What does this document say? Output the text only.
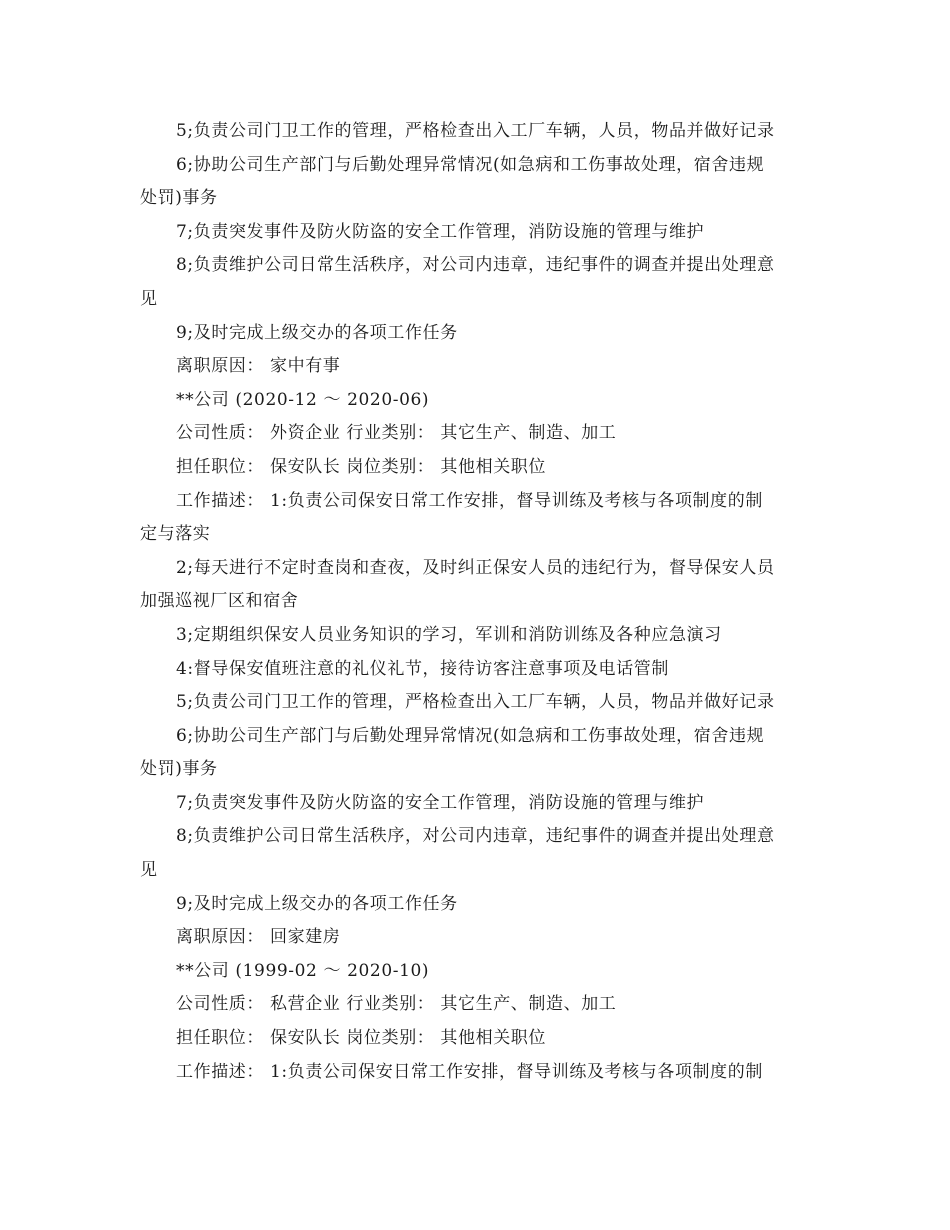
5;负责公司门卫工作的管理，严格检查出入工厂车辆，人员，物品并做好记录
6;协助公司生产部门与后勤处理异常情况(如急病和工伤事故处理，宿舍违规
处罚)事务
7;负责突发事件及防火防盗的安全工作管理，消防设施的管理与维护
8;负责维护公司日常生活秩序，对公司内违章，违纪事件的调查并提出处理意
见
9;及时完成上级交办的各项工作任务
离职原因： 家中有事
**公司 (2020-12 ～ 2020-06)
公司性质： 外资企业 行业类别： 其它生产、制造、加工
担任职位： 保安队长 岗位类别： 其他相关职位
工作描述： 1:负责公司保安日常工作安排，督导训练及考核与各项制度的制
定与落实
2;每天进行不定时查岗和查夜，及时纠正保安人员的违纪行为，督导保安人员
加强巡视厂区和宿舍
3;定期组织保安人员业务知识的学习，军训和消防训练及各种应急演习
4:督导保安值班注意的礼仪礼节，接待访客注意事项及电话管制
5;负责公司门卫工作的管理，严格检查出入工厂车辆，人员，物品并做好记录
6;协助公司生产部门与后勤处理异常情况(如急病和工伤事故处理，宿舍违规
处罚)事务
7;负责突发事件及防火防盗的安全工作管理，消防设施的管理与维护
8;负责维护公司日常生活秩序，对公司内违章，违纪事件的调查并提出处理意
见
9;及时完成上级交办的各项工作任务
离职原因： 回家建房
**公司 (1999-02 ～ 2020-10)
公司性质： 私营企业 行业类别： 其它生产、制造、加工
担任职位： 保安队长 岗位类别： 其他相关职位
工作描述： 1:负责公司保安日常工作安排，督导训练及考核与各项制度的制
